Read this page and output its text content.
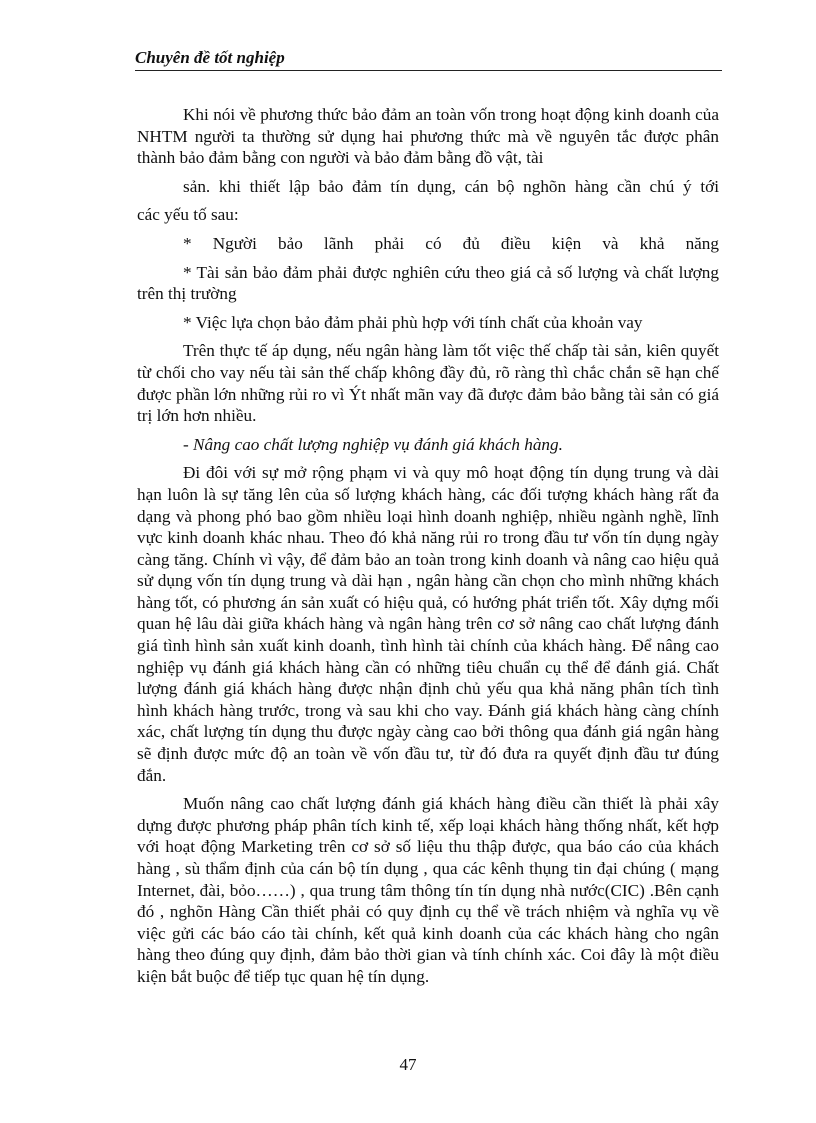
Chuyên đề tốt nghiệp

Khi nói về phương thức bảo đảm an toàn vốn trong hoạt động kinh doanh của NHTM người ta thường sử dụng hai phương thức mà về nguyên tắc được phân thành bảo đảm bằng con người và bảo đảm bằng đồ vật, tài

sản. khi thiết lập bảo đảm tín dụng, cán bộ nghõn hàng cần chú ý tới

các yếu tố sau:

* Người bảo lãnh phải có đủ điều kiện và khả năng

* Tài sản bảo đảm phải được nghiên cứu theo giá cả số lượng và chất lượng trên thị trường

* Việc lựa chọn bảo đảm phải phù hợp với tính chất của khoản vay

Trên thực tế áp dụng, nếu ngân hàng làm tốt việc thế chấp tài sản, kiên quyết từ chối cho vay nếu tài sản thế chấp không đầy đủ, rõ ràng thì chắc chắn sẽ hạn chế được phần lớn những rủi ro vì Ýt nhất mãn vay đã được đảm bảo bằng tài sản có giá trị lớn hơn nhiều.

- Nâng cao chất lượng nghiệp vụ đánh giá khách hàng.

Đi đôi với sự mở rộng phạm vi và quy mô hoạt động tín dụng trung và dài hạn luôn là sự tăng lên của số lượng khách hàng, các đối tượng khách hàng rất đa dạng và phong phó bao gồm nhiều loại hình doanh nghiệp, nhiều ngành nghề, lĩnh vực kinh doanh khác nhau. Theo đó khả năng rủi ro trong đầu tư vốn tín dụng ngày càng tăng. Chính vì vậy, để đảm bảo an toàn trong kinh doanh và nâng cao hiệu quả sử dụng vốn tín dụng trung và dài hạn , ngân hàng cần chọn cho mình những khách hàng tốt, có phương án sản xuất có hiệu quả, có hướng phát triển tốt. Xây dựng mối quan hệ lâu dài giữa khách hàng và ngân hàng trên cơ sở nâng cao chất lượng đánh giá tình hình sản xuất kinh doanh, tình hình tài chính của khách hàng. Để nâng cao nghiệp vụ đánh giá khách hàng cần có những tiêu chuẩn cụ thể để đánh giá. Chất lượng đánh giá khách hàng được nhận định chủ yếu qua khả năng phân tích tình hình khách hàng trước, trong và sau khi cho vay. Đánh giá khách hàng càng chính xác, chất lượng tín dụng thu được ngày càng cao bởi thông qua đánh giá ngân hàng sẽ định được mức độ an toàn về vốn đầu tư, từ đó đưa ra quyết định đầu tư đúng đắn.

Muốn nâng cao chất lượng đánh giá khách hàng điều cần thiết là phải xây dựng được phương pháp phân tích kinh tế, xếp loại khách hàng thống nhất, kết hợp với hoạt động Marketing trên cơ sở số liệu thu thập được, qua báo cáo của khách hàng , sù thẩm định của cán bộ tín dụng , qua các kênh thụng tin đại chúng ( mạng Internet, đài, bỏo……) , qua trung tâm thông tín tín dụng nhà nước(CIC) .Bên cạnh đó , nghõn Hàng Cần thiết phải có quy định cụ thể về trách nhiệm và nghĩa vụ về việc gửi các báo cáo tài chính, kết quả kinh doanh của các khách hàng cho ngân hàng theo đúng quy định, đảm bảo thời gian và tính chính xác. Coi đây là một điều kiện bắt buộc để tiếp tục quan hệ tín dụng.

47
